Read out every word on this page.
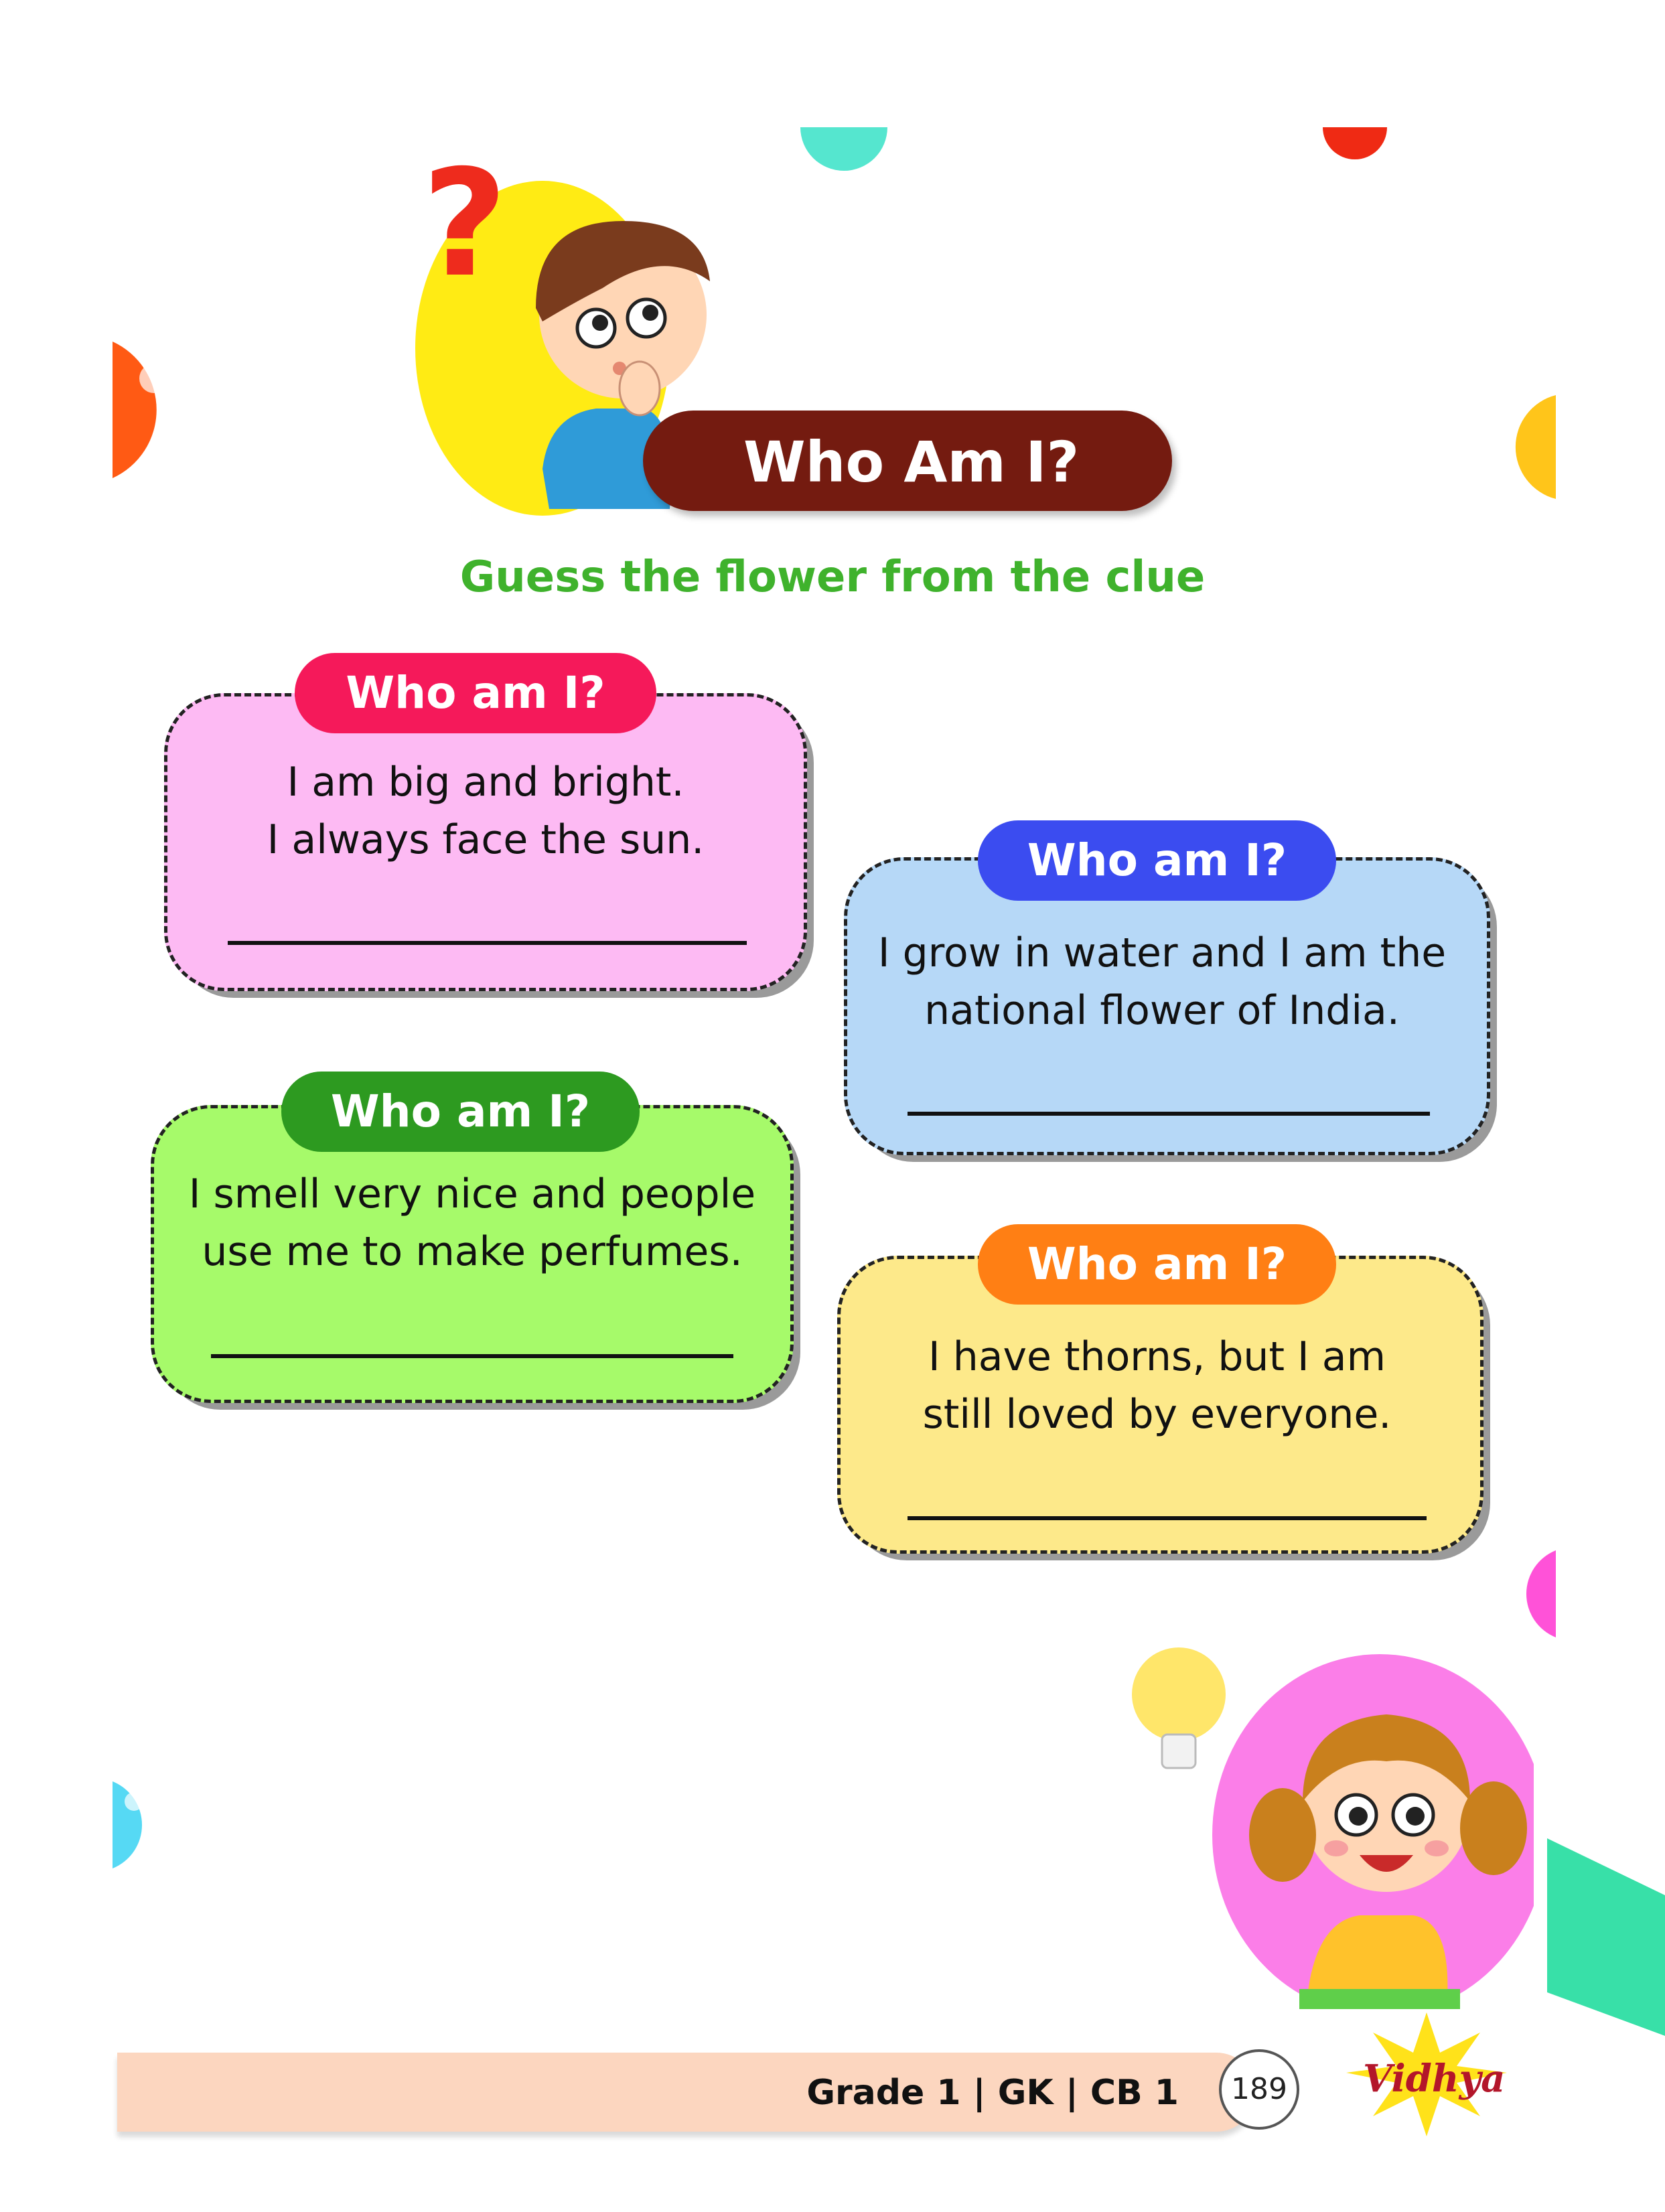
?
Who Am I?
Guess the flower from the clue
Who am I?
I am big and bright.
I always face the sun.	Who am I?
I grow in water and I am the
national flower of India.
Who am I?
I smell very nice and people
use me to make perfumes.	Who am I?
I have thorns, but I am
still loved by everyone.
Grade 1 | GK | CB 1	189	Vidhya
